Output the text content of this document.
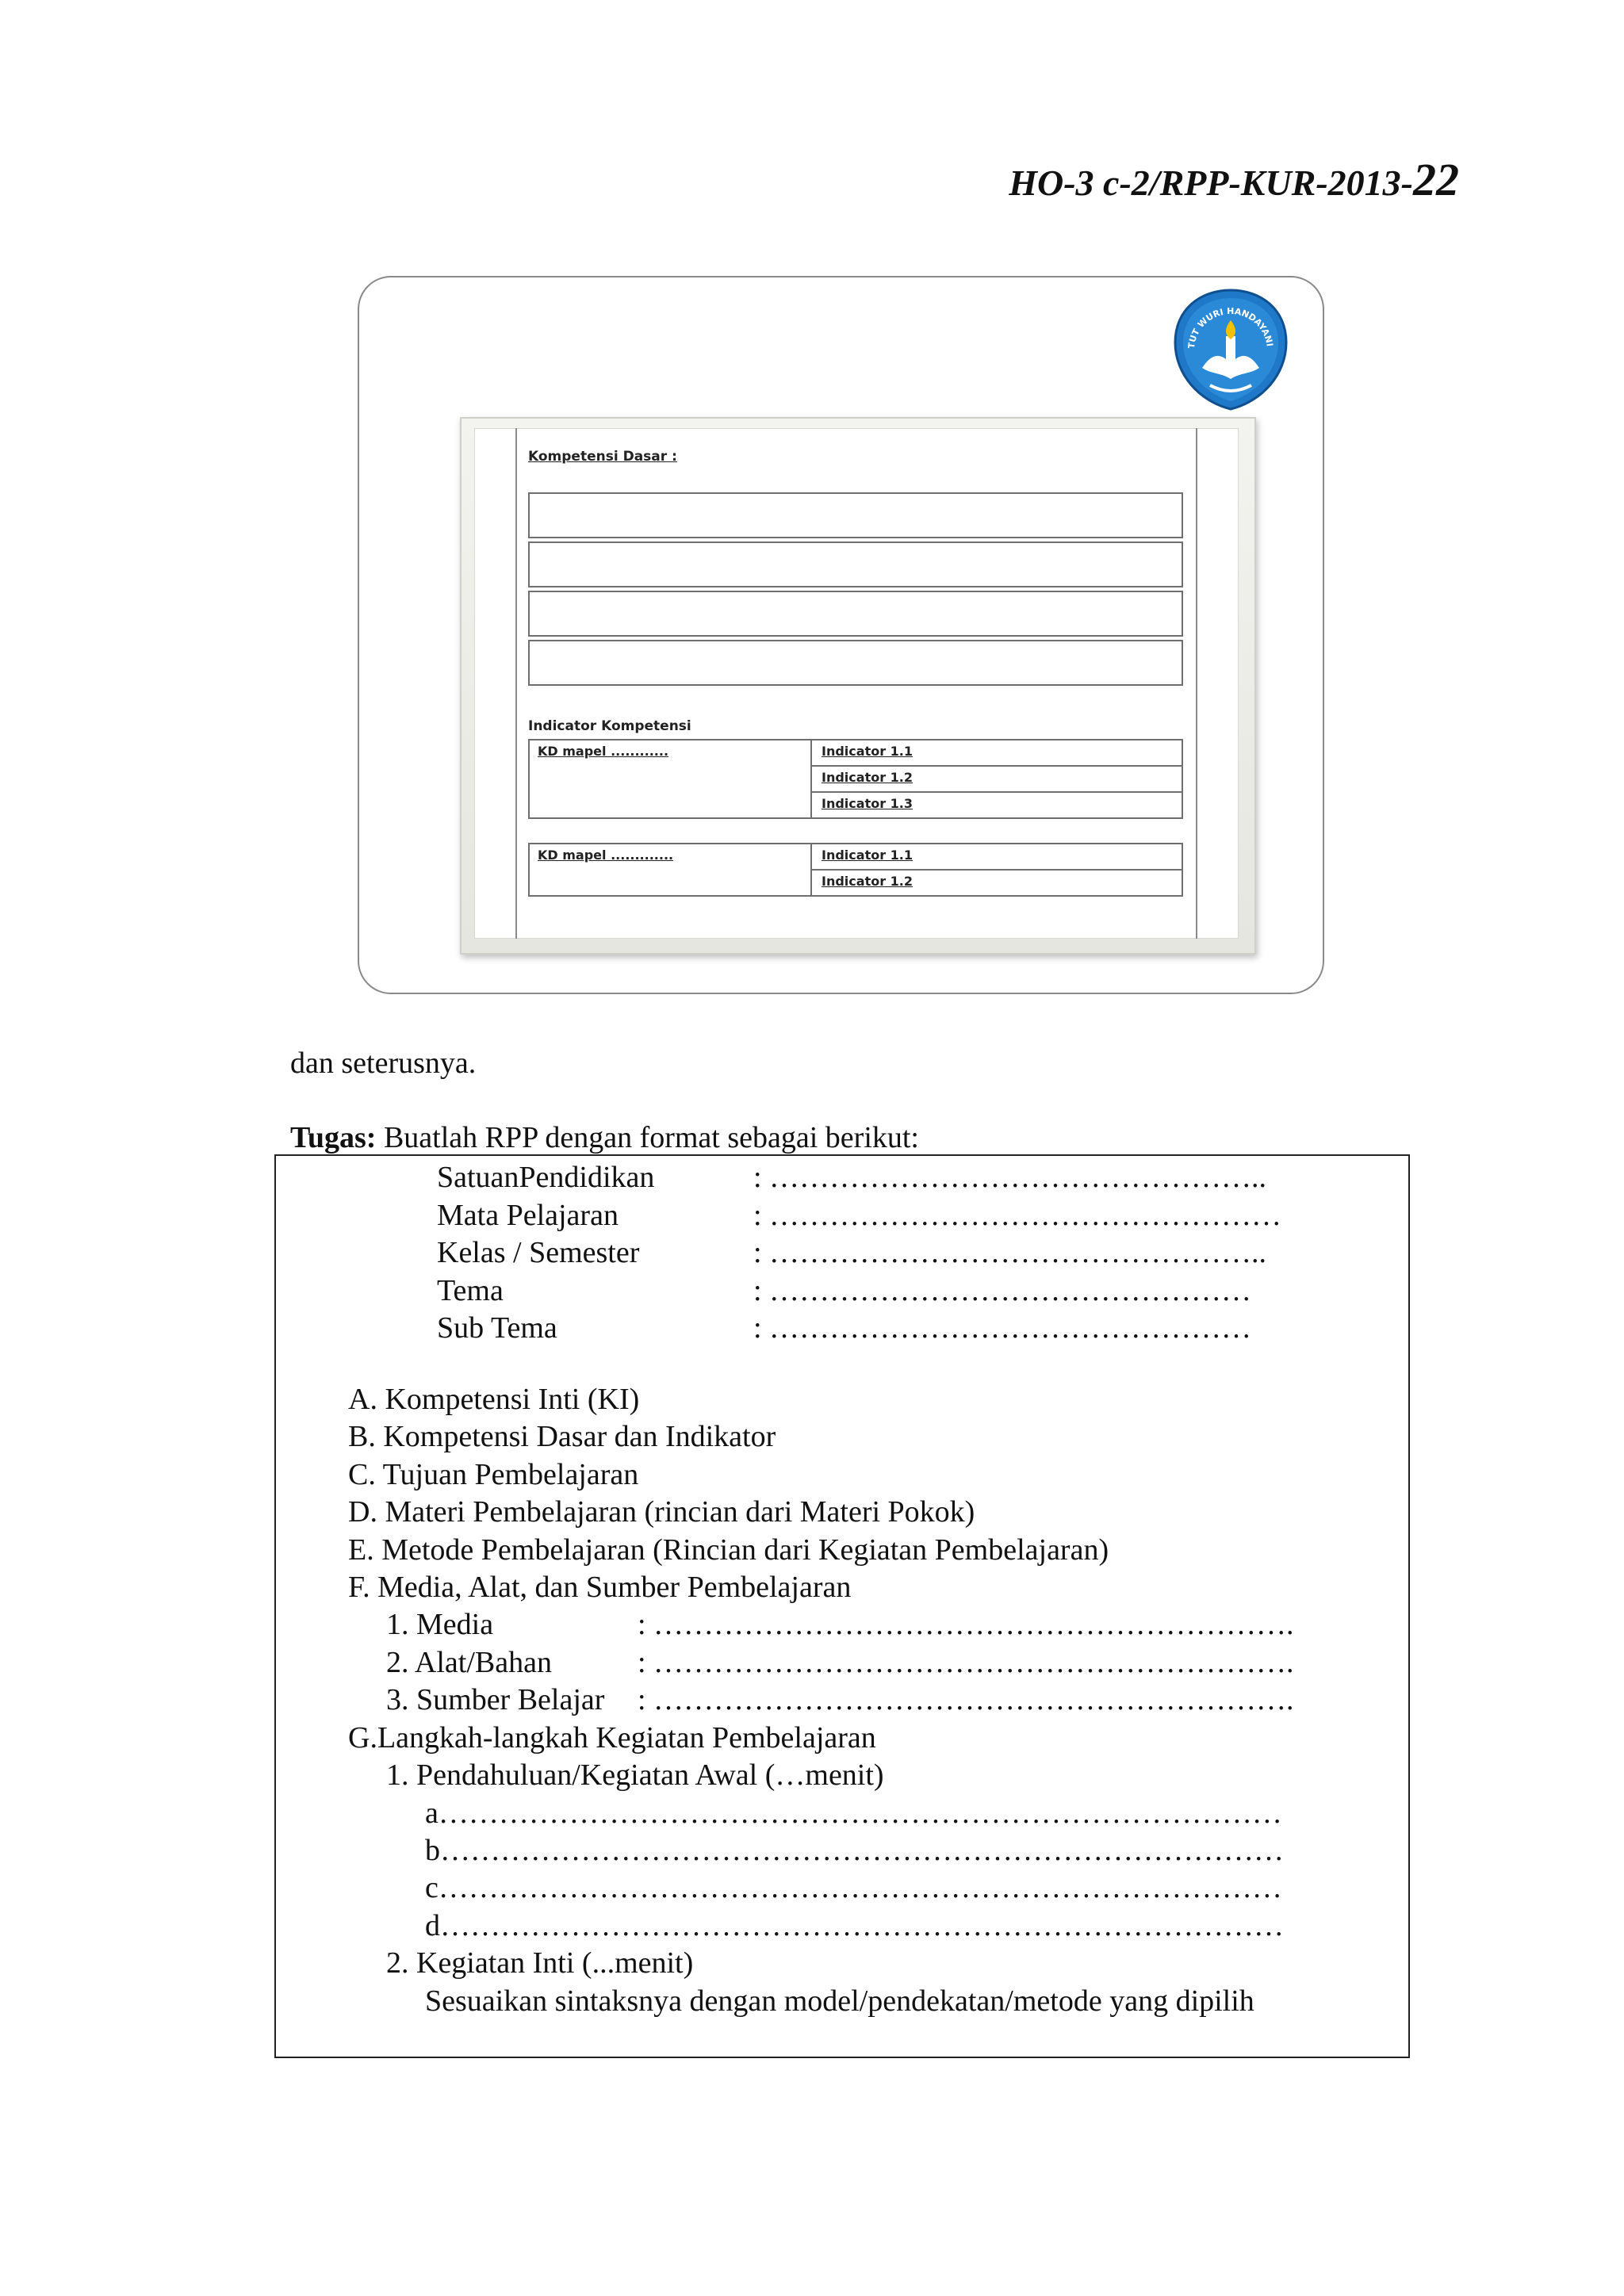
HO-3 c-2/RPP-KUR-2013-22
TUT WURI HANDAYANI
Kompetensi Dasar :
Indicator Kompetensi
KD mapel ............	Indicator 1.1
Indicator 1.2
Indicator 1.3
KD mapel .............	Indicator 1.1
Indicator 1.2
dan seterusnya.
Tugas: Buatlah RPP dengan format sebagai berikut:
SatuanPendidikan	: …………………………………………..
Mata Pelajaran	: ……………………………………………
Kelas / Semester	: …………………………………………..
Tema	: …………………………………………
Sub Tema	: …………………………………………
A. Kompetensi Inti (KI)
B. Kompetensi Dasar dan Indikator
C. Tujuan Pembelajaran
D. Materi Pembelajaran (rincian dari Materi Pokok)
E. Metode Pembelajaran (Rincian dari Kegiatan Pembelajaran)
F. Media, Alat, dan Sumber Pembelajaran
1. Media	: ……………………………………………………….
2. Alat/Bahan	: ……………………………………………………….
3. Sumber Belajar : ……………………………………………………….
G.Langkah-langkah Kegiatan Pembelajaran
1. Pendahuluan/Kegiatan Awal (…menit)
a…………………………………………………………………………
b…………………………………………………………………………
c…………………………………………………………………………
d…………………………………………………………………………
2. Kegiatan Inti (...menit)
Sesuaikan sintaksnya dengan model/pendekatan/metode yang dipilih
